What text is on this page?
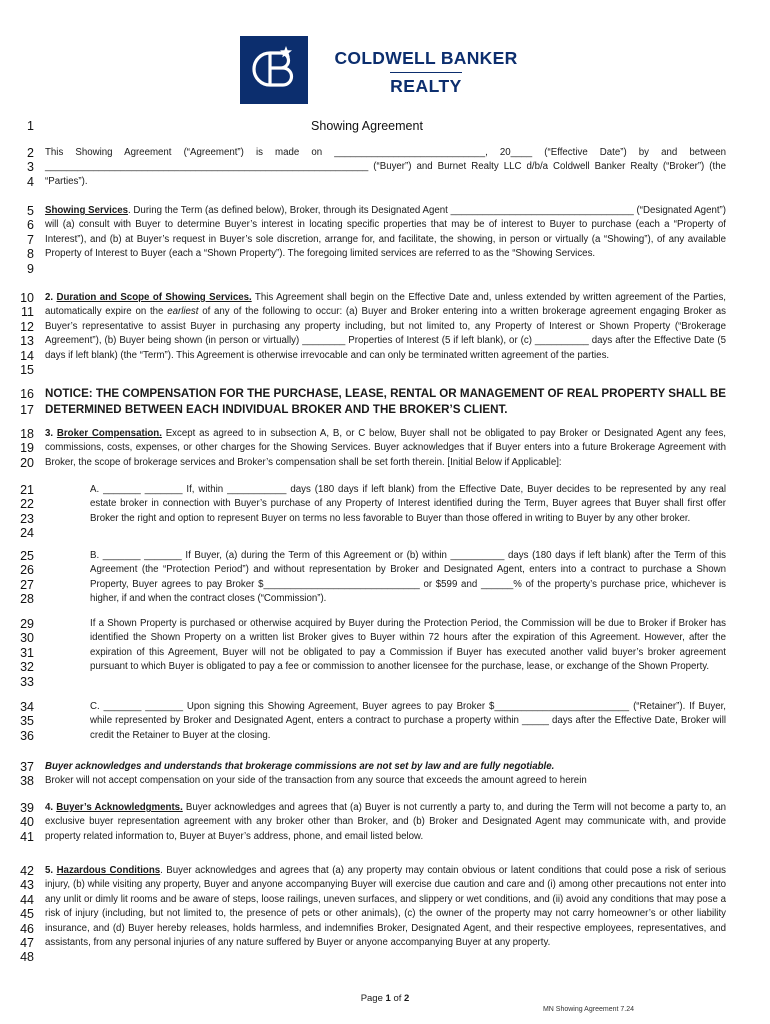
COLDWELL BANKER
REALTY
1	Showing Agreement
2
3
4
This Showing Agreement (“Agreement”) is made on ____________________________, 20____ (“Effective Date”) by and between ____________________________________________________________ (“Buyer”) and Burnet Realty LLC d/b/a Coldwell Banker Realty (“Broker”) (the “Parties”).
5
6
7
8
9
Showing Services. During the Term (as defined below), Broker, through its Designated Agent __________________________________ (“Designated Agent”) will (a) consult with Buyer to determine Buyer’s interest in locating specific properties that may be of interest to Buyer to purchase (each a “Property of Interest”), and (b) at Buyer’s request in Buyer’s sole discretion, arrange for, and facilitate, the showing, in person or virtually (a “Showing”), of any available Property of Interest to Buyer (each a “Shown Property”). The foregoing limited services are referred to as the “Showing Services.
10
11
12
13
14
15
2. Duration and Scope of Showing Services. This Agreement shall begin on the Effective Date and, unless extended by written agreement of the Parties, automatically expire on the earliest of any of the following to occur: (a) Buyer and Broker entering into a written brokerage agreement engaging Broker as Buyer’s representative to assist Buyer in purchasing any property including, but not limited to, any Property of Interest or Shown Property (“Brokerage Agreement”), (b) Buyer being shown (in person or virtually) ________ Properties of Interest (5 if left blank), or (c) __________ days after the Effective Date (5 days if left blank) (the “Term”). This Agreement is otherwise irrevocable and can only be terminated written agreement of the parties.
16
17
NOTICE: THE COMPENSATION FOR THE PURCHASE, LEASE, RENTAL OR MANAGEMENT OF REAL PROPERTY SHALL BE DETERMINED BETWEEN EACH INDIVIDUAL BROKER AND THE BROKER’S CLIENT.
18
19
20
3. Broker Compensation. Except as agreed to in subsection A, B, or C below, Buyer shall not be obligated to pay Broker or Designated Agent any fees, commissions, costs, expenses, or other charges for the Showing Services. Buyer acknowledges that if Buyer enters into a future Brokerage Agreement with Broker, the scope of brokerage services and Broker’s compensation shall be set forth therein. [Initial Below if Applicable]:
21
22
23
24
A. _______ _______ If, within ___________ days (180 days if left blank) from the Effective Date, Buyer decides to be represented by any real estate broker in connection with Buyer’s purchase of any Property of Interest identified during the Term, Buyer agrees that Buyer shall first offer Broker the right and option to represent Buyer on terms no less favorable to Buyer than those offered in writing to Buyer by any other broker.
25
26
27
28
B. _______ _______ If Buyer, (a) during the Term of this Agreement or (b) within __________ days (180 days if left blank) after the Term of this Agreement (the “Protection Period”) and without representation by Broker and Designated Agent, enters into a contract to purchase a Shown Property, Buyer agrees to pay Broker $_____________________________ or $599 and ______% of the property’s purchase price, whichever is higher, if and when the contract closes (“Commission”).
29
30
31
32
33
If a Shown Property is purchased or otherwise acquired by Buyer during the Protection Period, the Commission will be due to Broker if Broker has identified the Shown Property on a written list Broker gives to Buyer within 72 hours after the expiration of this Agreement. However, after the expiration of this Agreement, Buyer will not be obligated to pay a Commission if Buyer has executed another valid buyer’s broker agreement pursuant to which Buyer is obligated to pay a fee or commission to another licensee for the purchase, lease, or exchange of the Shown Property.
34
35
36
C. _______ _______ Upon signing this Showing Agreement, Buyer agrees to pay Broker $_________________________ (“Retainer”). If Buyer, while represented by Broker and Designated Agent, enters a contract to purchase a property within _____ days after the Effective Date, Broker will credit the Retainer to Buyer at the closing.
37
38
Buyer acknowledges and understands that brokerage commissions are not set by law and are fully negotiable.
Broker will not accept compensation on your side of the transaction from any source that exceeds the amount agreed to herein
39
40
41
4. Buyer’s Acknowledgments. Buyer acknowledges and agrees that (a) Buyer is not currently a party to, and during the Term will not become a party to, an exclusive buyer representation agreement with any broker other than Broker, and (b) Broker and Designated Agent may communicate with, and provide property related information to, Buyer at Buyer’s address, phone, and email listed below.
42
43
44
45
46
47
48
5. Hazardous Conditions. Buyer acknowledges and agrees that (a) any property may contain obvious or latent conditions that could pose a risk of serious injury, (b) while visiting any property, Buyer and anyone accompanying Buyer will exercise due caution and care and (i) among other precautions not enter into any unlit or dimly lit rooms and be aware of steps, loose railings, uneven surfaces, and slippery or wet conditions, and (ii) avoid any conditions that may pose a risk of injury (including, but not limited to, the presence of pets or other animals), (c) the owner of the property may not carry homeowner’s or other liability insurance, and (d) Buyer hereby releases, holds harmless, and indemnifies Broker, Designated Agent, and their respective employees, representatives, and assistants, from any personal injuries of any nature suffered by Buyer or anyone accompanying Buyer at any property.
Page 1 of 2
MN Showing Agreement 7.24
